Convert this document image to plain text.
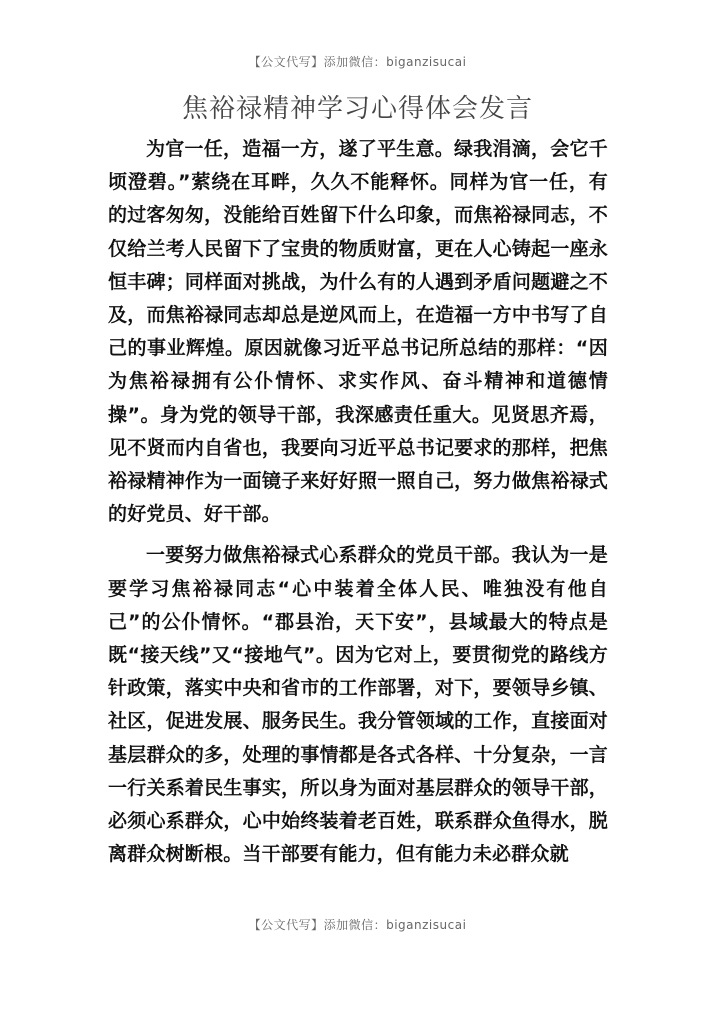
【公文代写】添加微信：biganzisucai
焦裕禄精神学习心得体会发言

为官一任，造福一方，遂了平生意。绿我涓滴，会它千顷澄碧。”萦绕在耳畔，久久不能释怀。同样为官一任，有的过客匆匆，没能给百姓留下什么印象，而焦裕禄同志，不仅给兰考人民留下了宝贵的物质财富，更在人心铸起一座永恒丰碑；同样面对挑战，为什么有的人遇到矛盾问题避之不及，而焦裕禄同志却总是逆风而上，在造福一方中书写了自己的事业辉煌。原因就像习近平总书记所总结的那样：“因为焦裕禄拥有公仆情怀、求实作风、奋斗精神和道德情操”。身为党的领导干部，我深感责任重大。见贤思齐焉，见不贤而内自省也，我要向习近平总书记要求的那样，把焦裕禄精神作为一面镜子来好好照一照自己，努力做焦裕禄式的好党员、好干部。

一要努力做焦裕禄式心系群众的党员干部。我认为一是要学习焦裕禄同志“心中装着全体人民、唯独没有他自己”的公仆情怀。“郡县治，天下安”，县域最大的特点是既“接天线”又“接地气”。因为它对上，要贯彻党的路线方针政策，落实中央和省市的工作部署，对下，要领导乡镇、社区，促进发展、服务民生。我分管领域的工作，直接面对基层群众的多，处理的事情都是各式各样、十分复杂，一言一行关系着民生事实，所以身为面对基层群众的领导干部，必须心系群众，心中始终装着老百姓，联系群众鱼得水，脱离群众树断根。当干部要有能力，但有能力未必群众就

【公文代写】添加微信：biganzisucai
